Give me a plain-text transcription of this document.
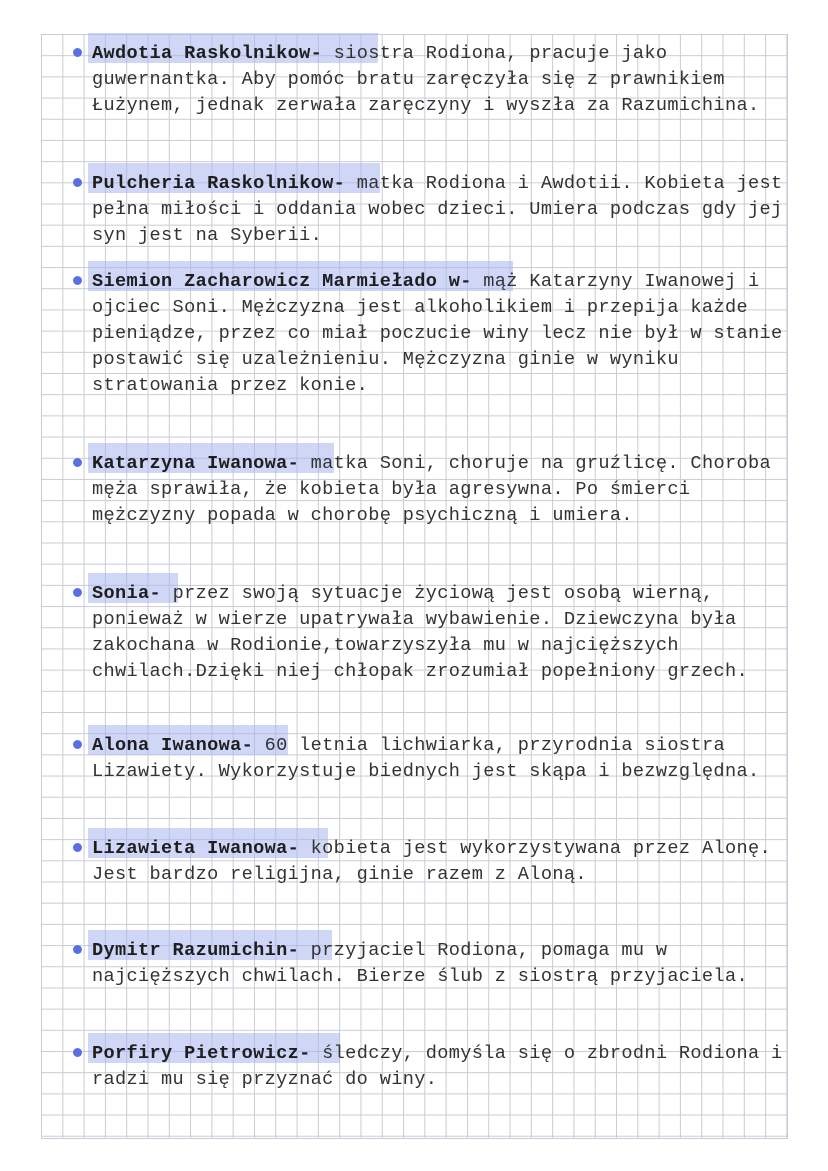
Awdotia Raskolnikow- siostra Rodiona, pracuje jako guwernantka. Aby pomóc bratu zaręczyła się z prawnikiem Łużynem, jednak zerwała zaręczyny i wyszła za Razumichina.
Pulcheria Raskolnikow- matka Rodiona i Awdotii. Kobieta jest pełna miłości i oddania wobec dzieci. Umiera podczas gdy jej syn jest na Syberii.
Siemion Zacharowicz Marmiełado w- mąż Katarzyny Iwanowej i ojciec Soni. Mężczyzna jest alkoholikiem i przepija każde pieniądze, przez co miał poczucie winy lecz nie był w stanie postawić się uzależnieniu. Mężczyzna ginie w wyniku stratowania przez konie.
Katarzyna Iwanowa- matka Soni, choruje na gruźlicę. Choroba męża sprawiła, że kobieta była agresywna. Po śmierci mężczyzny popada w chorobę psychiczną i umiera.
Sonia- przez swoją sytuacje życiową jest osobą wierną, ponieważ w wierze upatrywała wybawienie. Dziewczyna była zakochana w Rodionie,towarzyszyła mu w najcięższych chwilach.Dzięki niej chłopak zrozumiał popełniony grzech.
Alona Iwanowa- 60 letnia lichwiarka, przyrodnia siostra Lizawiety. Wykorzystuje biednych jest skąpa i bezwzględna.
Lizawieta Iwanowa- kobieta jest wykorzystywana przez Alonę. Jest bardzo religijna, ginie razem z Aloną.
Dymitr Razumichin- przyjaciel Rodiona, pomaga mu w najcięższych chwilach. Bierze ślub z siostrą przyjaciela.
Porfiry Pietrowicz- śledczy, domyśla się o zbrodni Rodiona i radzi mu się przyznać do winy.
